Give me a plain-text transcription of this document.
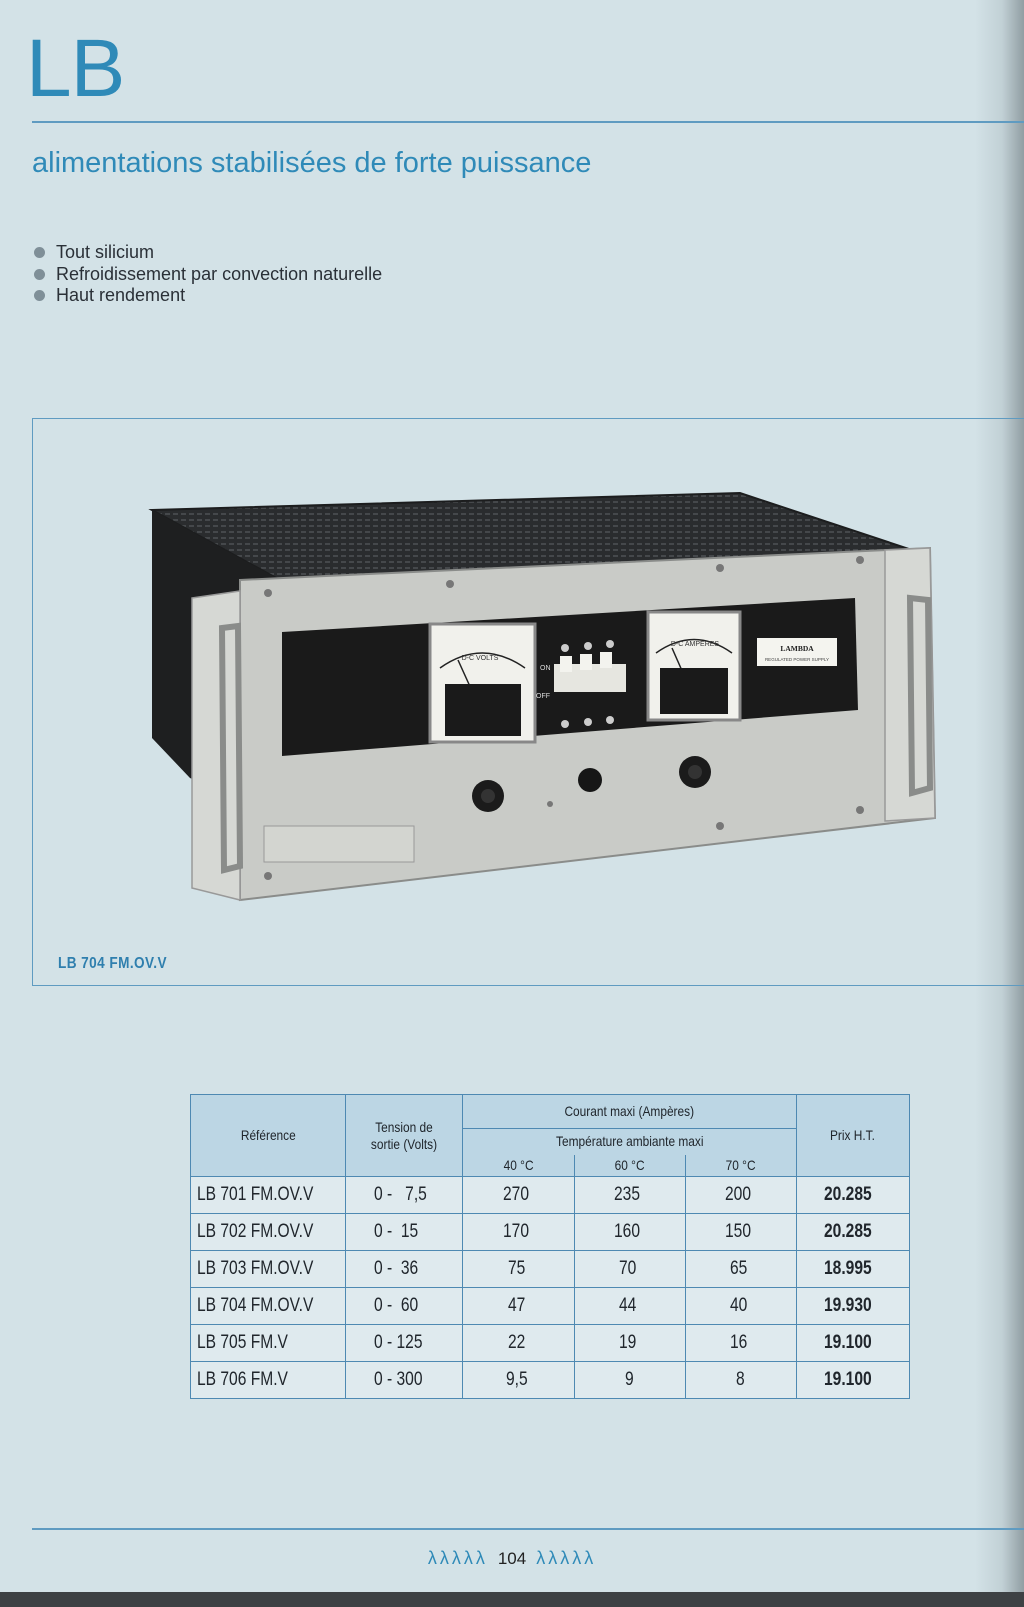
LB
alimentations stabilisées de forte puissance
Tout silicium
Refroidissement par convection naturelle
Haut rendement
D-C VOLTS
D-C AMPERES
ON
OFF
LAMBDA
REGULATED POWER SUPPLY
LB 704 FM.OV.V
Référence	Tension de sortie (Volts)	Courant maxi (Ampères)			Prix H.T.
		Température ambiante maxi			
		40 °C	60 °C	70 °C	
LB 701 FM.OV.V	0 -   7,5	270	235	200	20.285
LB 702 FM.OV.V	0 -  15	170	160	150	20.285
LB 703 FM.OV.V	0 -  36	75	70	65	18.995
LB 704 FM.OV.V	0 -  60	47	44	40	19.930
LB 705 FM.V	0 - 125	22	19	16	19.100
LB 706 FM.V	0 - 300	9,5	9	8	19.100
λλλλλ 104 λλλλλ
